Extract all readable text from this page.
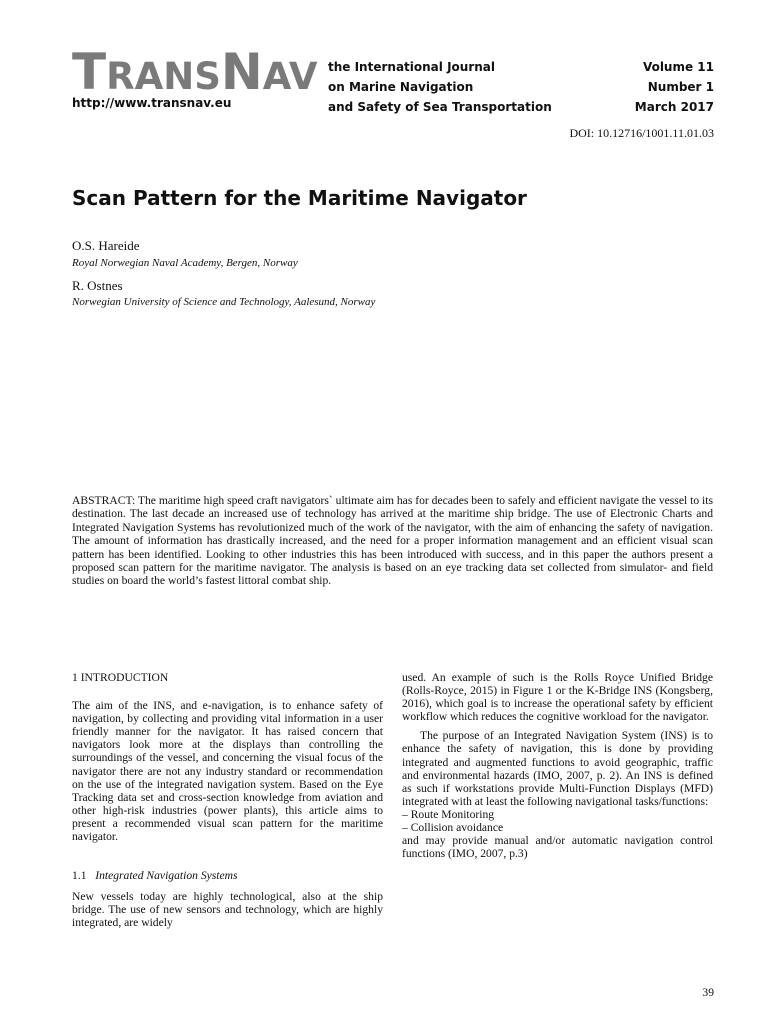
TRANSNAV
http://www.transnav.eu
the International Journal
on Marine Navigation
and Safety of Sea Transportation
Volume 11
Number 1
March 2017
DOI: 10.12716/1001.11.01.03
Scan Pattern for the Maritime Navigator
O.S. Hareide
Royal Norwegian Naval Academy, Bergen, Norway
R. Ostnes
Norwegian University of Science and Technology, Aalesund, Norway

ABSTRACT: The maritime high speed craft navigators` ultimate aim has for decades been to safely and efficient navigate the vessel to its destination. The last decade an increased use of technology has arrived at the maritime ship bridge. The use of Electronic Charts and Integrated Navigation Systems has revolutionized much of the work of the navigator, with the aim of enhancing the safety of navigation. The amount of information has drastically increased, and the need for a proper information management and an efficient visual scan pattern has been identified. Looking to other industries this has been introduced with success, and in this paper the authors present a proposed scan pattern for the maritime navigator. The analysis is based on an eye tracking data set collected from simulator- and field studies on board the world’s fastest littoral combat ship.

1 INTRODUCTION

The aim of the INS, and e-navigation, is to enhance safety of navigation, by collecting and providing vital information in a user friendly manner for the navigator. It has raised concern that navigators look more at the displays than controlling the surroundings of the vessel, and concerning the visual focus of the navigator there are not any industry standard or recommendation on the use of the integrated navigation system. Based on the Eye Tracking data set and cross-section knowledge from aviation and other high-risk industries (power plants), this article aims to present a recommended visual scan pattern for the maritime navigator.

1.1 Integrated Navigation Systems

New vessels today are highly technological, also at the ship bridge. The use of new sensors and technology, which are highly integrated, are widely

used. An example of such is the Rolls Royce Unified Bridge (Rolls-Royce, 2015) in Figure 1 or the K-Bridge INS (Kongsberg, 2016), which goal is to increase the operational safety by efficient workflow which reduces the cognitive workload for the navigator.

The purpose of an Integrated Navigation System (INS) is to enhance the safety of navigation, this is done by providing integrated and augmented functions to avoid geographic, traffic and environmental hazards (IMO, 2007, p. 2). An INS is defined as such if workstations provide Multi-Function Displays (MFD) integrated with at least the following navigational tasks/functions:

– Route Monitoring
– Collision avoidance

and may provide manual and/or automatic navigation control functions (IMO, 2007, p.3)

39
